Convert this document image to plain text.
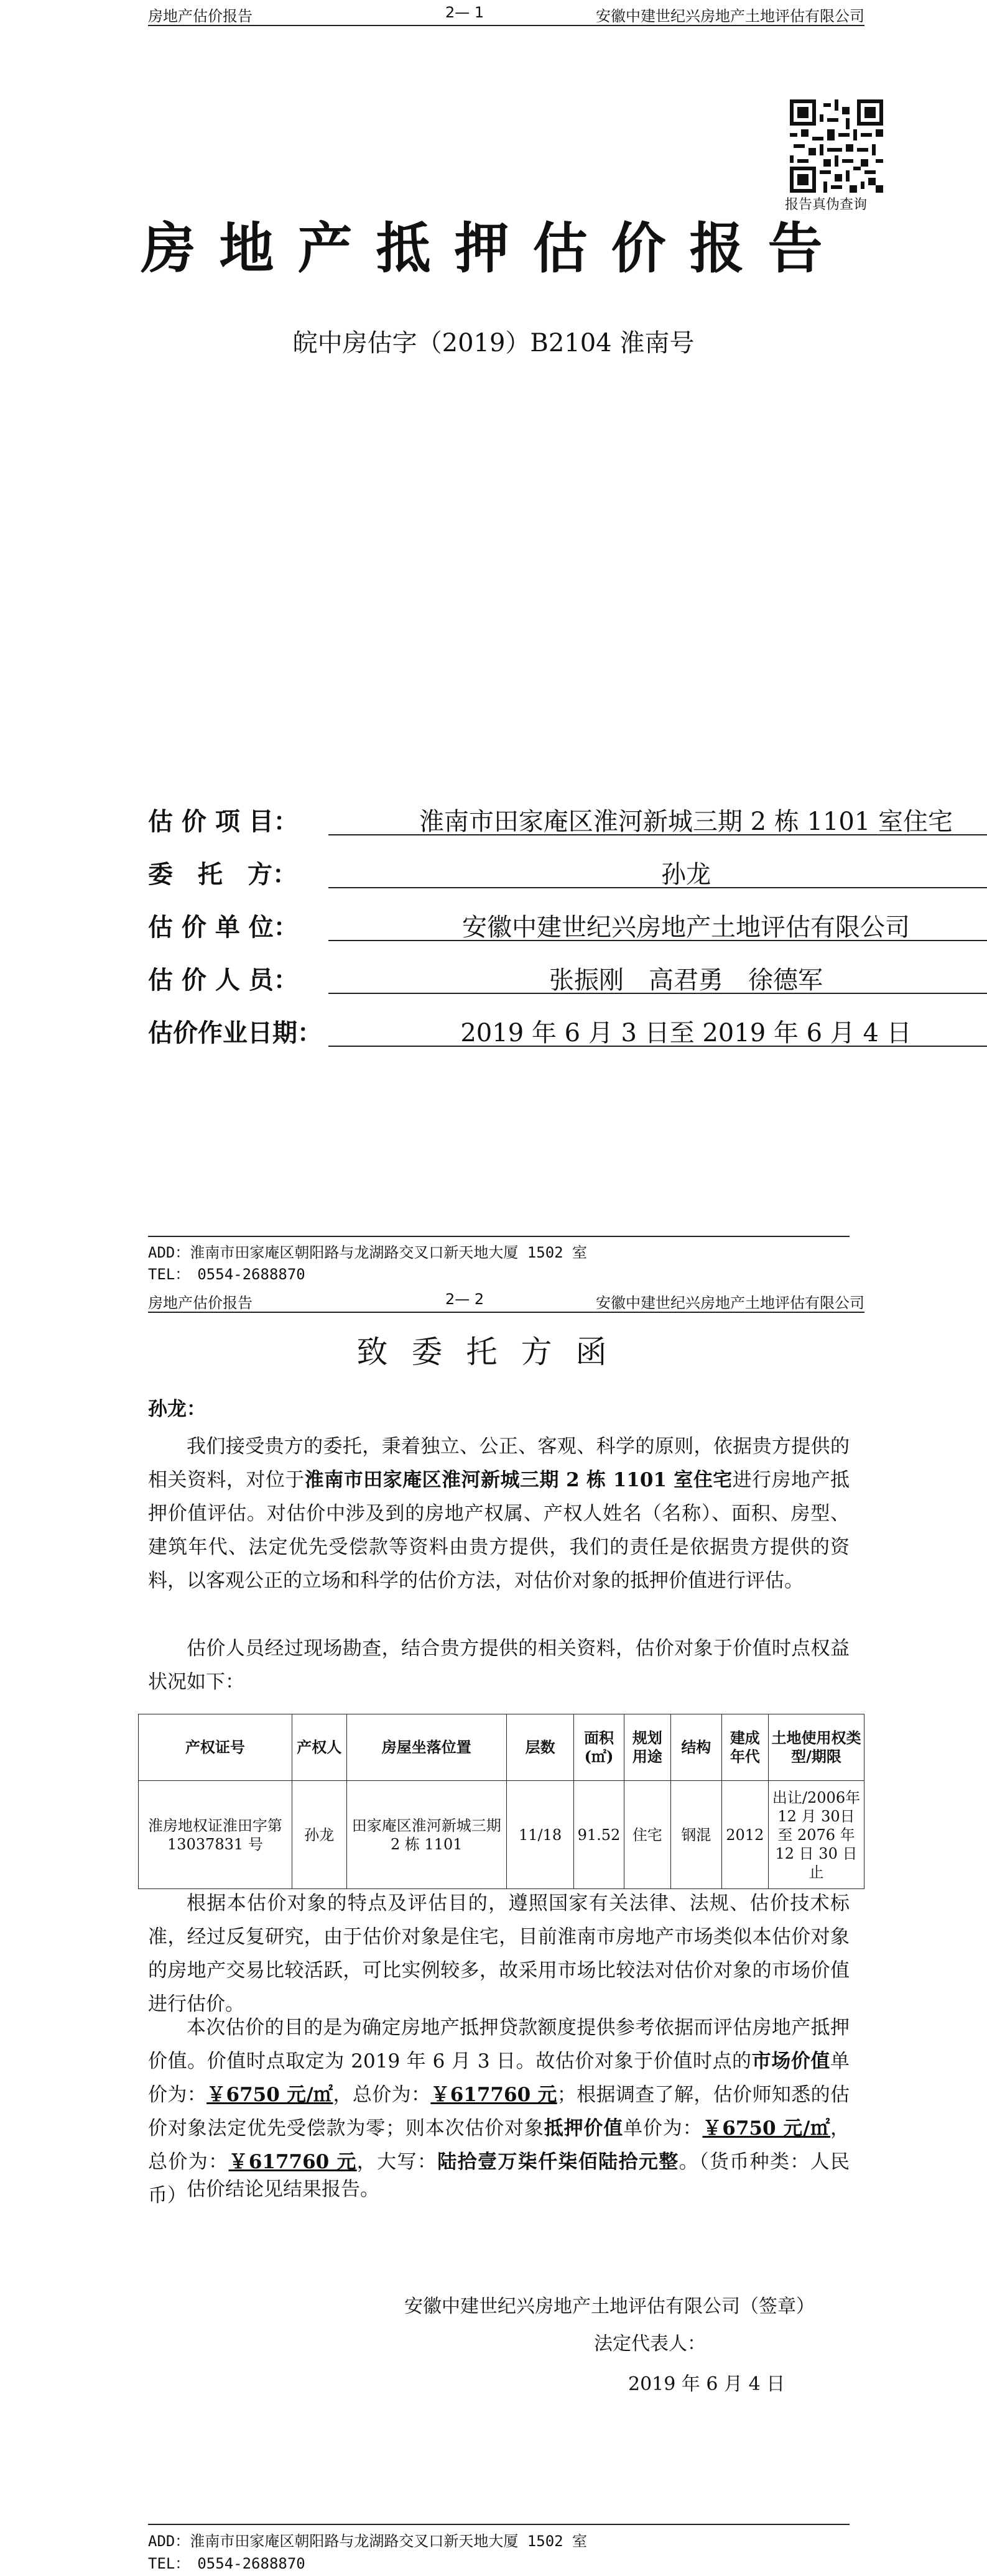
房地产估价报告	2— 1	安徽中建世纪兴房地产土地评估有限公司
报告真伪查询
房地产抵押估价报告
皖中房估字（2019）B2104 淮南号
估 价 项 目：	淮南市田家庵区淮河新城三期 2 栋 1101 室住宅
委　托　方：	孙龙
估 价 单 位：	安徽中建世纪兴房地产土地评估有限公司
估 价 人 员：	张振刚　高君勇　徐德军
估价作业日期：	2019 年 6 月 3 日至 2019 年 6 月 4 日
ADD：淮南市田家庵区朝阳路与龙湖路交叉口新天地大厦 1502 室
TEL：　0554-2688870
房地产估价报告	2— 2	安徽中建世纪兴房地产土地评估有限公司
致委托方函
孙龙：

我们接受贵方的委托，秉着独立、公正、客观、科学的原则，依据贵方提供的相关资料，对位于淮南市田家庵区淮河新城三期 2 栋 1101 室住宅进行房地产抵押价值评估。对估价中涉及到的房地产权属、产权人姓名（名称）、面积、房型、建筑年代、法定优先受偿款等资料由贵方提供，我们的责任是依据贵方提供的资料，以客观公正的立场和科学的估价方法，对估价对象的抵押价值进行评估。

估价人员经过现场勘查，结合贵方提供的相关资料，估价对象于价值时点权益状况如下：

产权证号	产权人	房屋坐落位置	层数	面积(㎡)	规划用途	结构	建成年代	土地使用权类型/期限
淮房地权证淮田字第13037831 号	孙龙	田家庵区淮河新城三期 2 栋 1101	11/18	91.52	住宅	钢混	2012	出让/2006年 12 月 30日至 2076 年12 日 30 日止

根据本估价对象的特点及评估目的，遵照国家有关法律、法规、估价技术标准，经过反复研究，由于估价对象是住宅，目前淮南市房地产市场类似本估价对象的房地产交易比较活跃，可比实例较多，故采用市场比较法对估价对象的市场价值进行估价。

本次估价的目的是为确定房地产抵押贷款额度提供参考依据而评估房地产抵押价值。价值时点取定为 2019 年 6 月 3 日。故估价对象于价值时点的市场价值单价为：￥6750 元/㎡，总价为：￥617760 元；根据调查了解，估价师知悉的估价对象法定优先受偿款为零；则本次估价对象抵押价值单价为：￥6750 元/㎡，总价为：￥617760 元，大写：陆拾壹万柒仟柒佰陆拾元整。（货币种类：人民币） 估价结论见结果报告。

安徽中建世纪兴房地产土地评估有限公司（签章）
法定代表人：
2019 年 6 月 4 日
ADD：淮南市田家庵区朝阳路与龙湖路交叉口新天地大厦 1502 室
TEL：　0554-2688870
